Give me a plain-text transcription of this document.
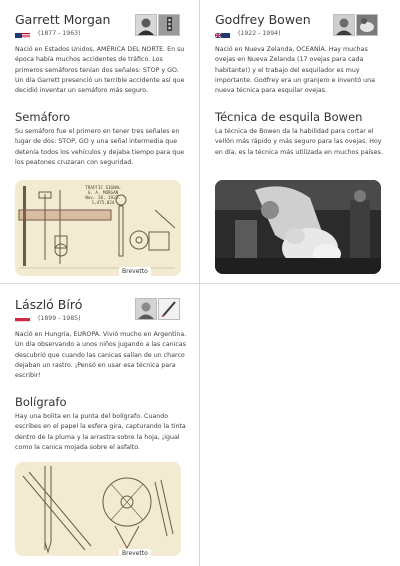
Garrett Morgan
(1877 - 1963)
Nació en Estados Unidos, AMÉRICA DEL NORTE. En su época había muchos accidentes de tráfico. Los primeros semáforos tenían dos señales: STOP y GO. Un día Garrett presenció un terrible accidente así que decidió inventar un semáforo más seguro.
Semáforo
Su semáforo fue el primero en tener tres señales en lugar de dos: STOP, GO y una señal intermedia que detenía todos los vehículos y dejaba tiempo para que los peatones cruzaran con seguridad.
TRAFFIC SIGNAL
G. A. MORGAN
Nov. 20, 1923.
1,475,024
Brevetto
Godfrey Bowen
(1922 - 1994)
Nació en Nueva Zelanda, OCEANÍA. Hay muchas ovejas en Nueva Zelanda (17 ovejas para cada habitante!) y el trabajo del esquilador es muy importante. Godfrey era un granjero e inventó una nueva técnica para esquilar ovejas.
Técnica de esquila Bowen
La técnica de Bowen da la habilidad para cortar el vellón más rápido y más seguro para las ovejas. Hoy en día, es la técnica más utilizada en muchos países.
László Bíró
(1899 - 1985)
Nació en Hungría, EUROPA. Vivió mucho en Argentina. Un día observando a unos niños jugando a las canicas descubrió que cuando las canicas salían de un charco dejaban un rastro. ¡Pensó en usar esa técnica para escribir!
Bolígrafo
Hay una bolita en la punta del bolígrafo. Cuando escribes en el papel la esfera gira, capturando la tinta dentro de la pluma y la arrastra sobre la hoja, ¡igual como la canica mojada sobre el asfalto.
Brevetto
